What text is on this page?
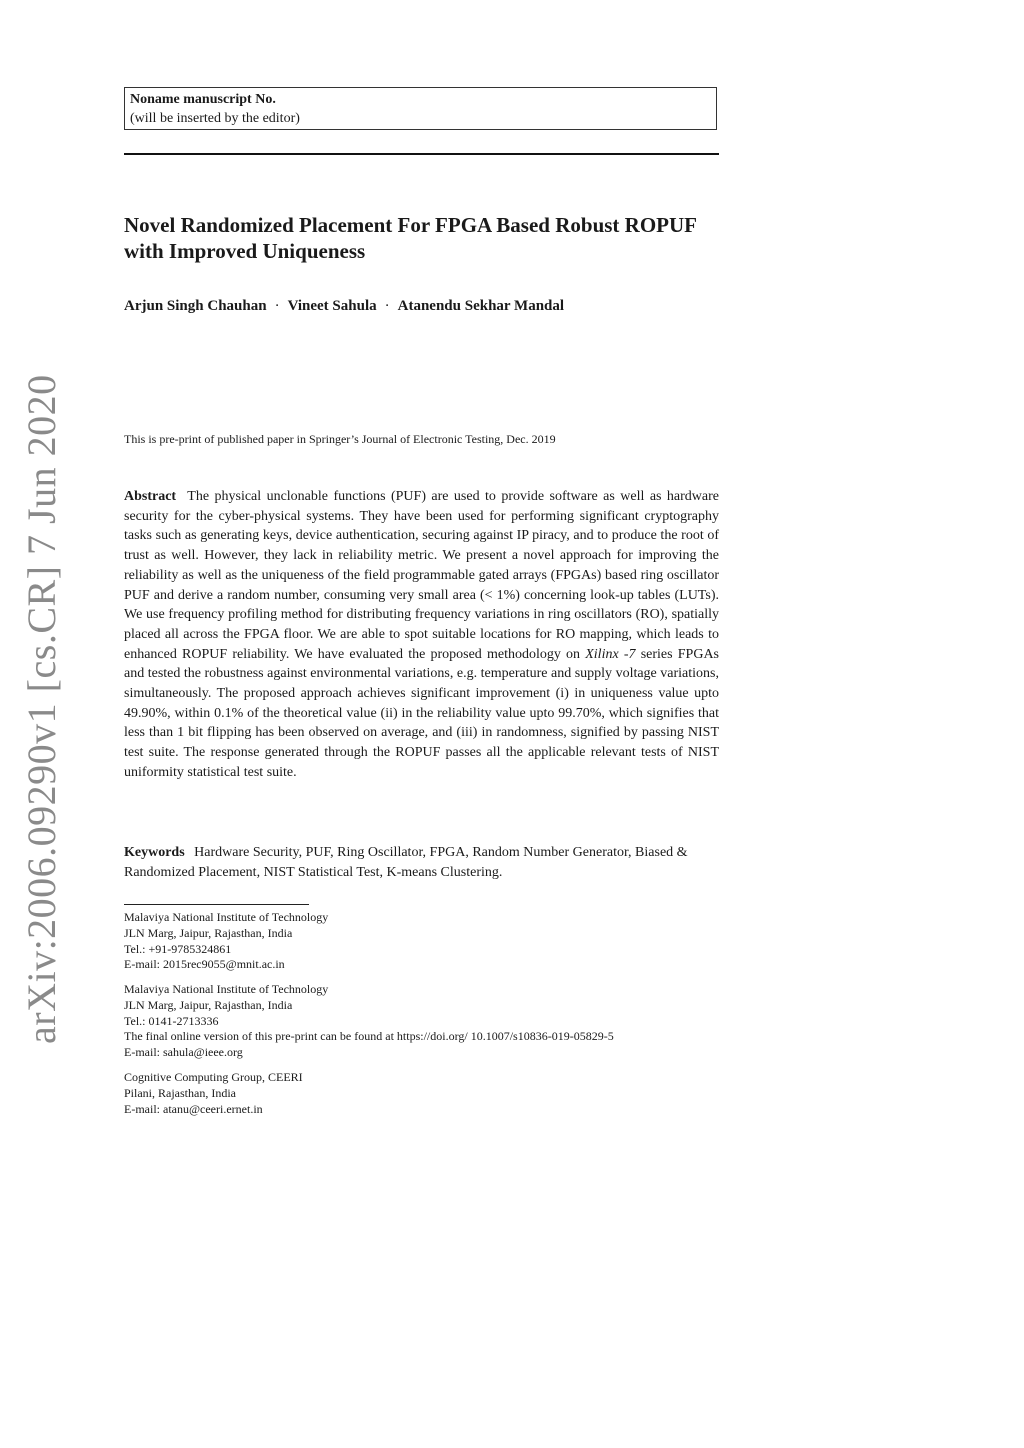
arXiv:2006.09290v1 [cs.CR] 7 Jun 2020
Noname manuscript No.
(will be inserted by the editor)
Novel Randomized Placement For FPGA Based Robust ROPUF with Improved Uniqueness
Arjun Singh Chauhan · Vineet Sahula · Atanendu Sekhar Mandal
This is pre-print of published paper in Springer’s Journal of Electronic Testing, Dec. 2019

Abstract The physical unclonable functions (PUF) are used to provide software as well as hardware security for the cyber-physical systems. They have been used for performing significant cryptography tasks such as generating keys, device authentication, securing against IP piracy, and to produce the root of trust as well. However, they lack in reliability metric. We present a novel approach for improving the reliability as well as the uniqueness of the field programmable gated arrays (FPGAs) based ring oscillator PUF and derive a random number, consuming very small area (< 1%) concerning look-up tables (LUTs). We use frequency profiling method for distributing frequency variations in ring oscillators (RO), spatially placed all across the FPGA floor. We are able to spot suitable locations for RO mapping, which leads to enhanced ROPUF reliability. We have evaluated the proposed methodology on Xilinx -7 series FPGAs and tested the robustness against environmental variations, e.g. temperature and supply voltage variations, simultaneously. The proposed approach achieves significant improvement (i) in uniqueness value upto 49.90%, within 0.1% of the theoretical value (ii) in the reliability value upto 99.70%, which signifies that less than 1 bit flipping has been observed on average, and (iii) in randomness, signified by passing NIST test suite. The response generated through the ROPUF passes all the applicable relevant tests of NIST uniformity statistical test suite.

Keywords Hardware Security, PUF, Ring Oscillator, FPGA, Random Number Generator, Biased & Randomized Placement, NIST Statistical Test, K-means Clustering.

Malaviya National Institute of Technology
JLN Marg, Jaipur, Rajasthan, India
Tel.: +91-9785324861
E-mail: 2015rec9055@mnit.ac.in
Malaviya National Institute of Technology
JLN Marg, Jaipur, Rajasthan, India
Tel.: 0141-2713336
The final online version of this pre-print can be found at https://doi.org/ 10.1007/s10836-019-05829-5
E-mail: sahula@ieee.org
Cognitive Computing Group, CEERI
Pilani, Rajasthan, India
E-mail: atanu@ceeri.ernet.in
